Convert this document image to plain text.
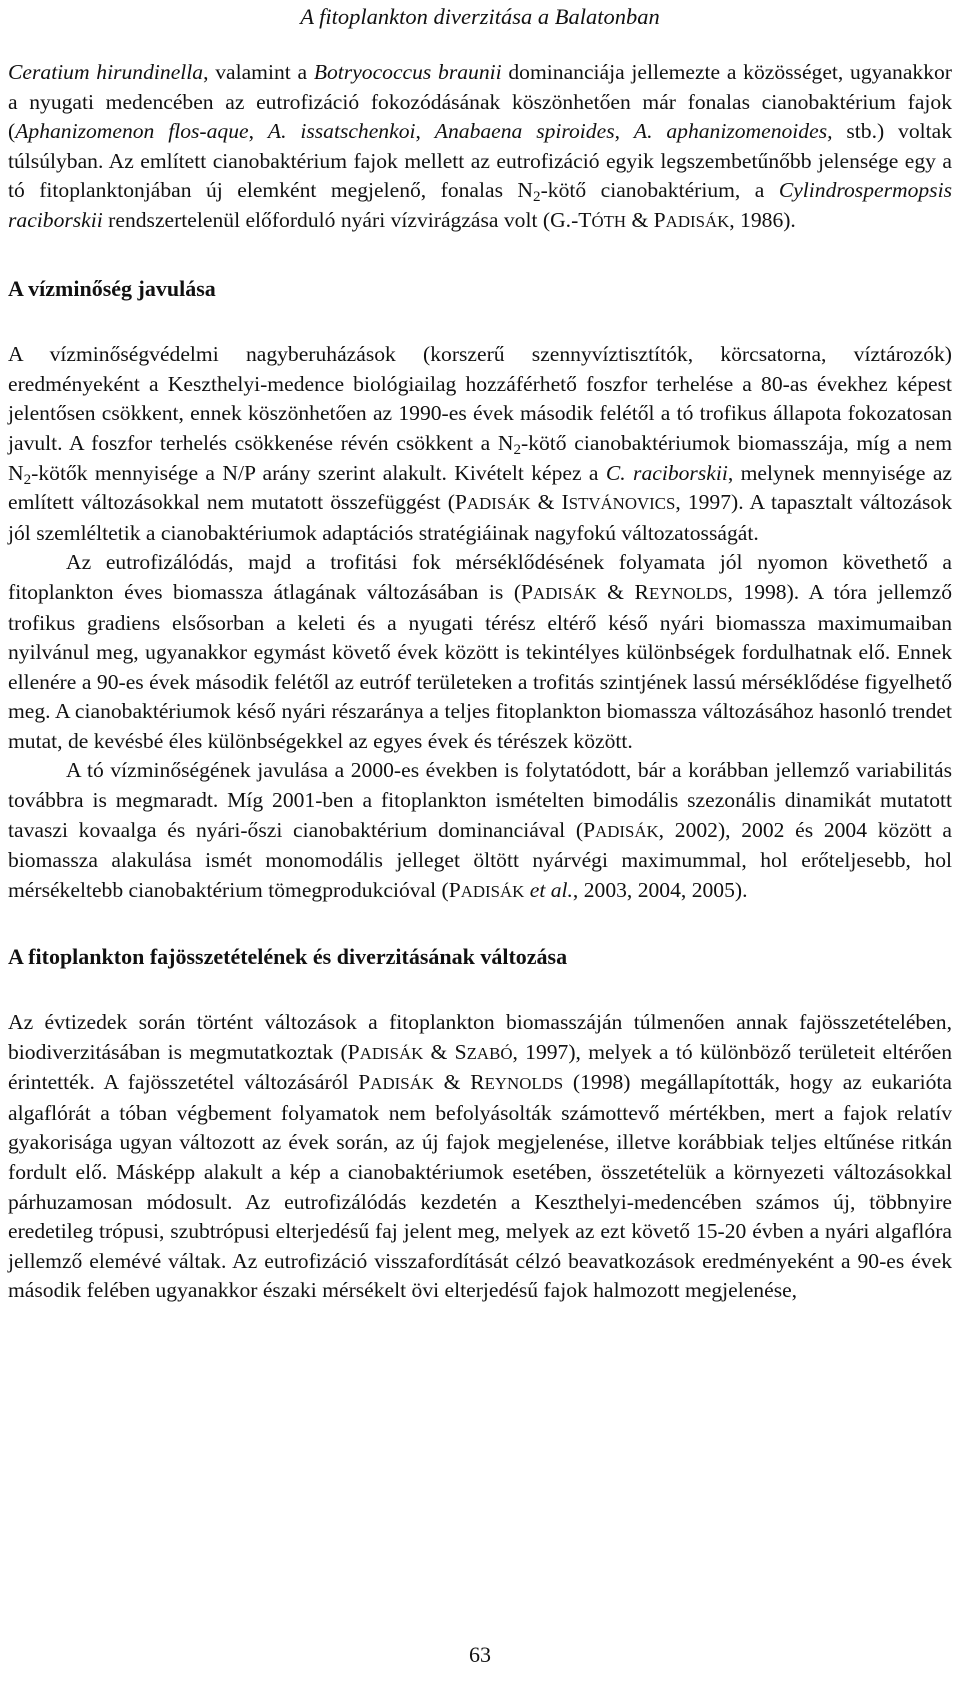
A fitoplankton diverzitása a Balatonban

Ceratium hirundinella, valamint a Botryococcus braunii dominanciája jellemezte a közösséget, ugyanakkor a nyugati medencében az eutrofizáció fokozódásának köszönhetően már fonalas cianobaktérium fajok (Aphanizomenon flos-aque, A. issatschenkoi, Anabaena spiroides, A. aphanizomenoides, stb.) voltak túlsúlyban. Az említett cianobaktérium fajok mellett az eutrofizáció egyik legszembetűnőbb jelensége egy a tó fitoplanktonjában új elemként megjelenő, fonalas $N_2$-kötő cianobaktérium, a Cylindrospermopsis raciborskii rendszertelenül előforduló nyári vízvirágzása volt (G.-TÓTH & PADISÁK, 1986).

A vízminőség javulása

A vízminőségvédelmi nagyberuházások (korszerű szennyvíztisztítók, körcsatorna, víztározók) eredményeként a Keszthelyi-medence biológiailag hozzáférhető foszfor terhelése a 80-as évekhez képest jelentősen csökkent, ennek köszönhetően az 1990-es évek második felétől a tó trofikus állapota fokozatosan javult. A foszfor terhelés csökkenése révén csökkent a $N_2$-kötő cianobaktériumok biomasszája, míg a nem $N_2$-kötők mennyisége a N/P arány szerint alakult. Kivételt képez a C. raciborskii, melynek mennyisége az említett változásokkal nem mutatott összefüggést (PADISÁK & ISTVÁNOVICS, 1997). A tapasztalt változások jól szemléltetik a cianobaktériumok adaptációs stratégiáinak nagyfokú változatosságát.

Az eutrofizálódás, majd a trofitási fok mérséklődésének folyamata jól nyomon követhető a fitoplankton éves biomassza átlagának változásában is (PADISÁK & REYNOLDS, 1998). A tóra jellemző trofikus gradiens elsősorban a keleti és a nyugati térész eltérő késő nyári biomassza maximumaiban nyilvánul meg, ugyanakkor egymást követő évek között is tekintélyes különbségek fordulhatnak elő. Ennek ellenére a 90-es évek második felétől az eutróf területeken a trofitás szintjének lassú mérséklődése figyelhető meg. A cianobaktériumok késő nyári részaránya a teljes fitoplankton biomassza változásához hasonló trendet mutat, de kevésbé éles különbségekkel az egyes évek és térészek között.

A tó vízminőségének javulása a 2000-es években is folytatódott, bár a korábban jellemző variabilitás továbbra is megmaradt. Míg 2001-ben a fitoplankton ismételten bimodális szezonális dinamikát mutatott tavaszi kovaalga és nyári-őszi cianobaktérium dominanciával (PADISÁK, 2002), 2002 és 2004 között a biomassza alakulása ismét monomodális jelleget öltött nyárvégi maximummal, hol erőteljesebb, hol mérsékeltebb cianobaktérium tömegprodukcióval (PADISÁK et al., 2003, 2004, 2005).

A fitoplankton fajösszetételének és diverzitásának változása

Az évtizedek során történt változások a fitoplankton biomasszáján túlmenően annak fajösszetételében, biodiverzitásában is megmutatkoztak (PADISÁK & SZABÓ, 1997), melyek a tó különböző területeit eltérően érintették. A fajösszetétel változásáról PADISÁK & REYNOLDS (1998) megállapították, hogy az eukarióta algaflórát a tóban végbement folyamatok nem befolyásolták számottevő mértékben, mert a fajok relatív gyakorisága ugyan változott az évek során, az új fajok megjelenése, illetve korábbiak teljes eltűnése ritkán fordult elő. Másképp alakult a kép a cianobaktériumok esetében, összetételük a környezeti változásokkal párhuzamosan módosult. Az eutrofizálódás kezdetén a Keszthelyi-medencében számos új, többnyire eredetileg trópusi, szubtrópusi elterjedésű faj jelent meg, melyek az ezt követő 15-20 évben a nyári algaflóra jellemző elemévé váltak. Az eutrofizáció visszafordítását célzó beavatkozások eredményeként a 90-es évek második felében ugyanakkor északi mérsékelt övi elterjedésű fajok halmozott megjelenése,

63
